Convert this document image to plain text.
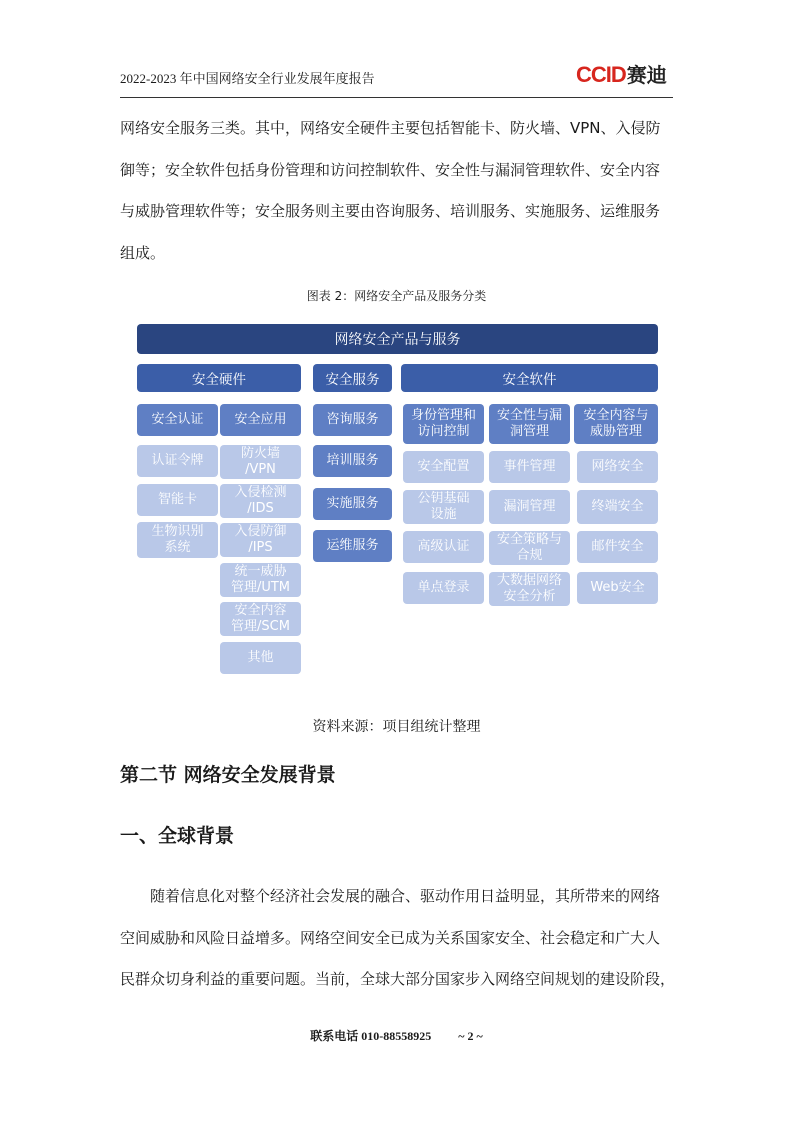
2022-2023 年中国网络安全行业发展年度报告	CCID 赛迪
网络安全服务三类。其中，网络安全硬件主要包括智能卡、防火墙、VPN、入侵防
御等；安全软件包括身份管理和访问控制软件、安全性与漏洞管理软件、安全内容
与威胁管理软件等；安全服务则主要由咨询服务、培训服务、实施服务、运维服务
组成。
图表 2：网络安全产品及服务分类
网络安全产品与服务
安全硬件	安全服务	安全软件
安全认证
认证令牌
智能卡
生物识别
系统
安全应用
防火墙
/VPN
入侵检测
/IDS
入侵防御
/IPS
统一威胁
管理/UTM
安全内容
管理/SCM
其他
咨询服务
培训服务
实施服务
运维服务
身份管理和
访问控制
安全性与漏
洞管理
安全内容与
威胁管理
安全配置
公钥基础
设施
高级认证
单点登录
事件管理
漏洞管理
安全策略与
合规
大数据网络
安全分析
网络安全
终端安全
邮件安全
Web安全
资料来源：项目组统计整理
第二节 网络安全发展背景
一、全球背景
随着信息化对整个经济社会发展的融合、驱动作用日益明显，其所带来的网络
空间威胁和风险日益增多。网络空间安全已成为关系国家安全、社会稳定和广大人
民群众切身利益的重要问题。当前，全球大部分国家步入网络空间规划的建设阶段，
联系电话 010-88558925 ~ 2 ~
